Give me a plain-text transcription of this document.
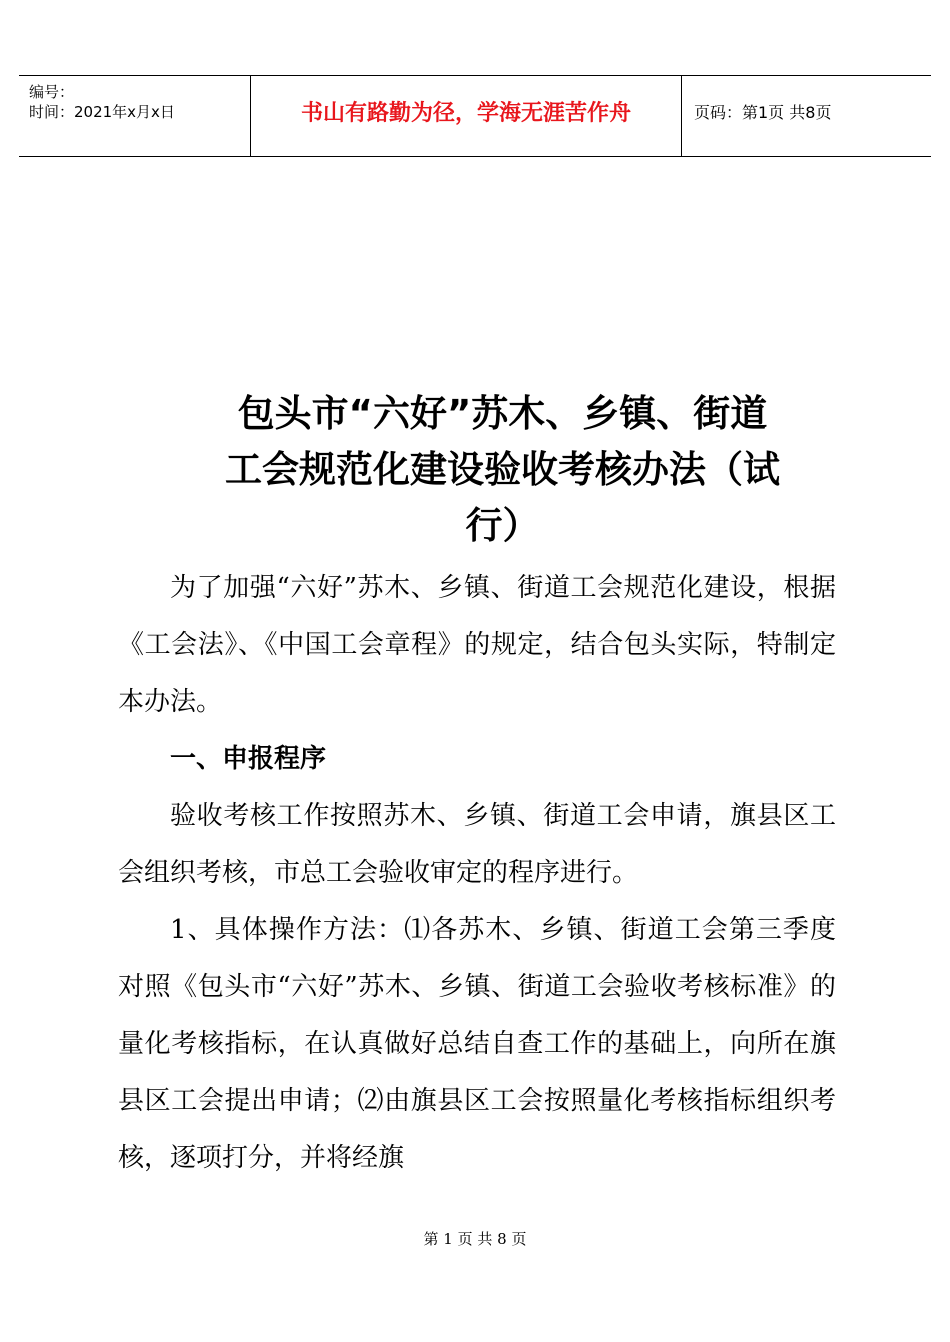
编号：
时间：2021年x月x日	书山有路勤为径，学海无涯苦作舟	页码：第1页 共8页
包头市“六好”苏木、乡镇、街道
工会规范化建设验收考核办法（试
行）

为了加强“六好”苏木、乡镇、街道工会规范化建设，根据《工会法》、《中国工会章程》的规定，结合包头实际，特制定本办法。

一、申报程序

验收考核工作按照苏木、乡镇、街道工会申请，旗县区工会组织考核，市总工会验收审定的程序进行。

1、具体操作方法：⑴各苏木、乡镇、街道工会第三季度对照《包头市“六好”苏木、乡镇、街道工会验收考核标准》的量化考核指标，在认真做好总结自查工作的基础上，向所在旗县区工会提出申请；⑵由旗县区工会按照量化考核指标组织考核，逐项打分，并将经旗

第 1 页 共 8 页
